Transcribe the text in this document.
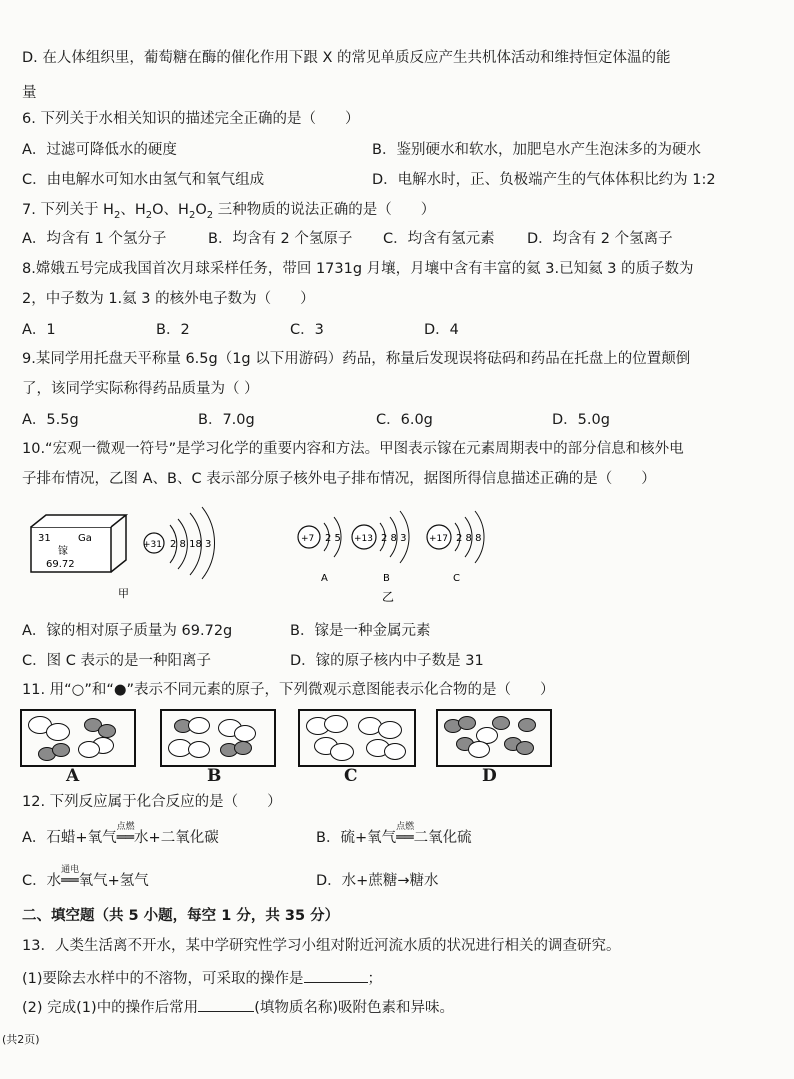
D. 在人体组织里，葡萄糖在酶的催化作用下跟 X 的常见单质反应产生共机体活动和维持恒定体温的能
量
6. 下列关于水相关知识的描述完全正确的是（　　）
A．过滤可降低水的硬度	B．鉴别硬水和软水，加肥皂水产生泡沫多的为硬水
C．由电解水可知水由氢气和氧气组成	D．电解水时，正、负极端产生的气体体积比约为 1:2
7. 下列关于 $H_2$、$H_2O$、$H_2O_2$ 三种物质的说法正确的是（　　）
A．均含有 1 个氢分子	B．均含有 2 个氢原子 C．均含有氢元素 D．均含有 2 个氢离子
8.嫦娥五号完成我国首次月球采样任务，带回 1731g 月壤，月壤中含有丰富的氦 3.已知氦 3 的质子数为
2，中子数为 1.氦 3 的核外电子数为（　　）
A．1	B．2	C．3	D．4
9.某同学用托盘天平称量 6.5g（1g 以下用游码）药品，称量后发现误将砝码和药品在托盘上的位置颠倒
了，该同学实际称得药品质量为（ ）
A．5.5g	B．7.0g	C．6.0g	D．5.0g
10.“宏观一微观一符号”是学习化学的重要内容和方法。甲图表示镓在元素周期表中的部分信息和核外电
子排布情况，乙图 A、B、C 表示部分原子核外电子排布情况，据图所得信息描述正确的是（　　）
31	Ga
镓
69.72
+31 2 8 18 3
甲
+7 2 5
A
+13 2 8 3
B
+17 2 8 8
C
乙
A．镓的相对原子质量为 69.72g	B．镓是一种金属元素
C．图 C 表示的是一种阳离子	D．镓的原子核内中子数是 31
11. 用“○”和“●”表示不同元素的原子，下列微观示意图能表示化合物的是（　　）
A	B	C	D
12. 下列反应属于化合反应的是（　　）
A．石蜡+氧气
点燃
══水+二氧化碳	B．硫+氧气
点燃
══二氧化硫
C．水
通电
══氧气+氢气	D．水+蔗糖→糖水
二、填空题（共 5 小题，每空 1 分，共 35 分）
13．人类生活离不开水，某中学研究性学习小组对附近河流水质的状况进行相关的调查研究。
(1)要除去水样中的不溶物，可采取的操作是	；
(2) 完成(1)中的操作后常用	(填物质名称)吸附色素和异味。
(共2页)
